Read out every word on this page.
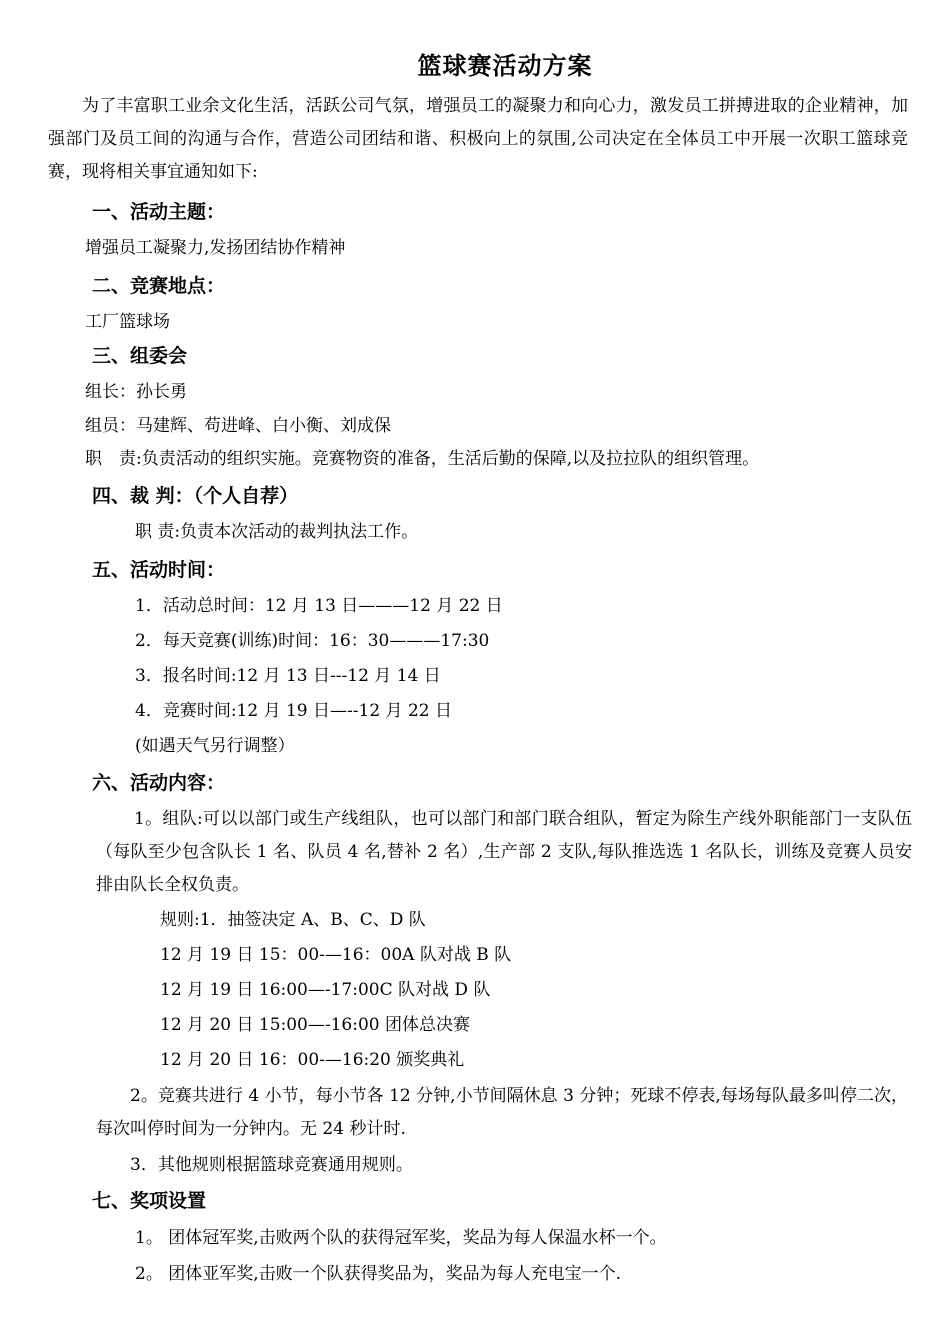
篮球赛活动方案
为了丰富职工业余文化生活，活跃公司气氛，增强员工的凝聚力和向心力，激发员工拼搏进取的企业精神，加强部门及员工间的沟通与合作，营造公司团结和谐、积极向上的氛围,公司决定在全体员工中开展一次职工篮球竞赛，现将相关事宜通知如下:
一、活动主题：
增强员工凝聚力,发扬团结协作精神
二、竞赛地点：
工厂篮球场
三、组委会
组长：孙长勇
组员：马建辉、苟进峰、白小衡、刘成保
职　责:负责活动的组织实施。竞赛物资的准备，生活后勤的保障,以及拉拉队的组织管理。
四、裁 判：（个人自荐）
职 责:负责本次活动的裁判执法工作。
五、活动时间：
1．活动总时间：12 月 13 日———12 月 22 日
2．每天竞赛(训练)时间：16：30———17:30
3．报名时间:12 月 13 日---12 月 14 日
4．竞赛时间:12 月 19 日—--12 月 22 日
(如遇天气另行调整）
六、活动内容：
1。组队:可以以部门或生产线组队，也可以部门和部门联合组队，暂定为除生产线外职能部门一支队伍（每队至少包含队长 1 名、队员 4 名,替补 2 名）,生产部 2 支队,每队推选选 1 名队长，训练及竞赛人员安排由队长全权负责。
规则:1．抽签决定 A、B、C、D 队
12 月 19 日 15：00-—16：00A 队对战 B 队
12 月 19 日 16:00—-17:00C 队对战 D 队
12 月 20 日 15:00—-16:00 团体总决赛
12 月 20 日 16：00-—16:20 颁奖典礼
2。竞赛共进行 4 小节，每小节各 12 分钟,小节间隔休息 3 分钟；死球不停表,每场每队最多叫停二次，每次叫停时间为一分钟内。无 24 秒计时.
3．其他规则根据篮球竞赛通用规则。
七、奖项设置
1。 团体冠军奖,击败两个队的获得冠军奖，奖品为每人保温水杯一个。
2。 团体亚军奖,击败一个队获得奖品为，奖品为每人充电宝一个.
